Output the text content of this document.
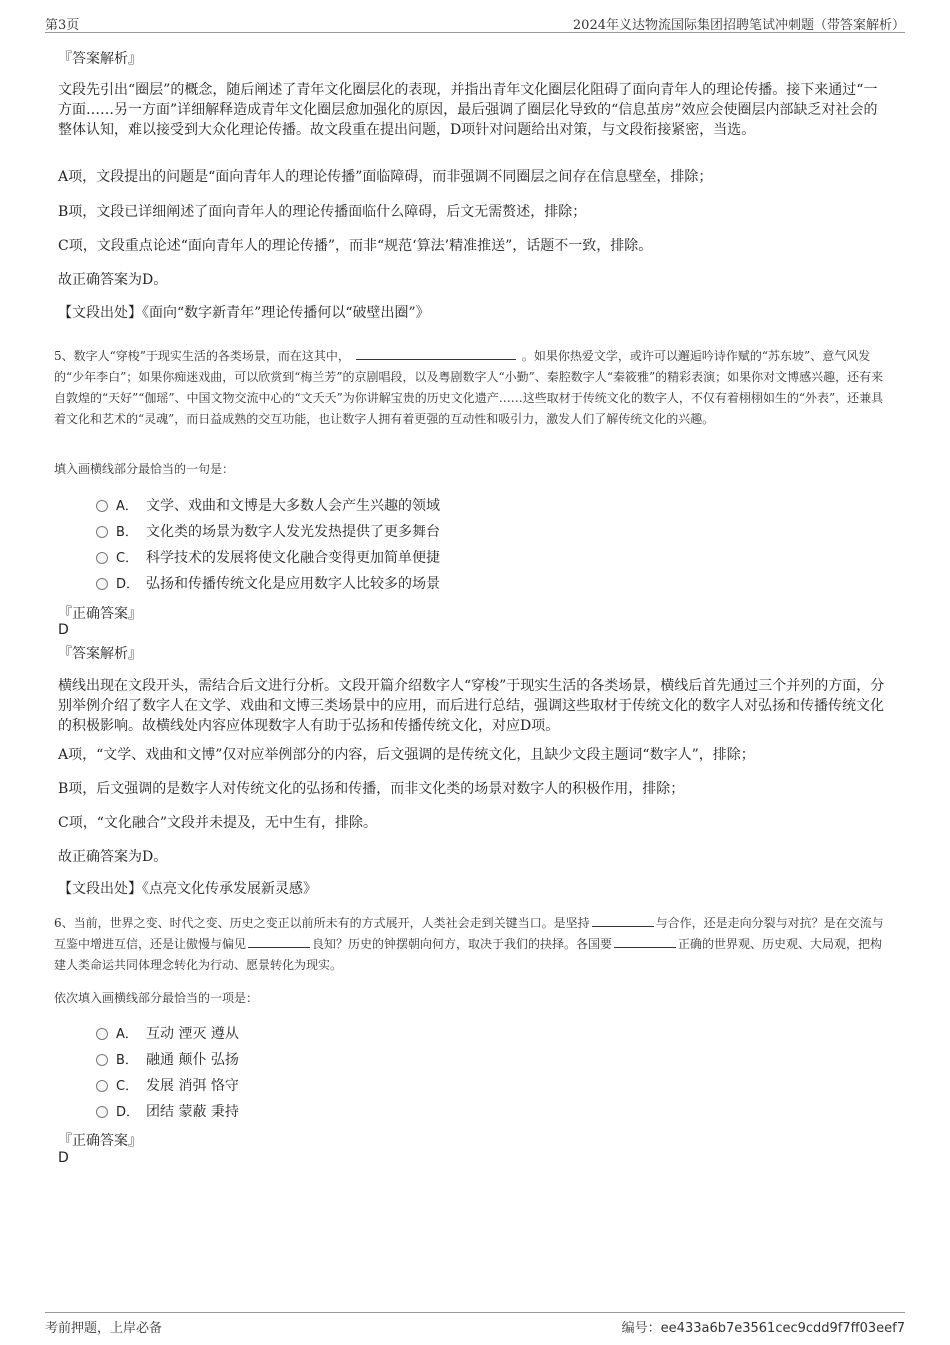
第3页	2024年义达物流国际集团招聘笔试冲刺题（带答案解析）
『答案解析』
文段先引出“圈层”的概念，随后阐述了青年文化圈层化的表现，并指出青年文化圈层化阻碍了面向青年人的理论传播。接下来通过“一方面……另一方面”详细解释造成青年文化圈层愈加强化的原因，最后强调了圈层化导致的“信息茧房”效应会使圈层内部缺乏对社会的整体认知，难以接受到大众化理论传播。故文段重在提出问题，D项针对问题给出对策，与文段衔接紧密，当选。
A项，文段提出的问题是“面向青年人的理论传播”面临障碍，而非强调不同圈层之间存在信息壁垒，排除；
B项，文段已详细阐述了面向青年人的理论传播面临什么障碍，后文无需赘述，排除；
C项，文段重点论述“面向青年人的理论传播”，而非“规范‘算法’精准推送”，话题不一致，排除。
故正确答案为D。
【文段出处】《面向“数字新青年”理论传播何以“破壁出圈”》
5、数字人“穿梭”于现实生活的各类场景，而在这其中，	。如果你热爱文学，或许可以邂逅吟诗作赋的“苏东坡”、意气风发的“少年李白”；如果你痴迷戏曲，可以欣赏到“梅兰芳”的京剧唱段，以及粤剧数字人“小勤”、秦腔数字人“秦筱雅”的精彩表演；如果你对文博感兴趣，还有来自敦煌的“天好”“伽瑶”、中国文物交流中心的“文夭夭”为你讲解宝贵的历史文化遗产……这些取材于传统文化的数字人，不仅有着栩栩如生的“外表”，还兼具着文化和艺术的“灵魂”，而日益成熟的交互功能，也让数字人拥有着更强的互动性和吸引力，激发人们了解传统文化的兴趣。
填入画横线部分最恰当的一句是：
A． 文学、戏曲和文博是大多数人会产生兴趣的领域
B． 文化类的场景为数字人发光发热提供了更多舞台
C． 科学技术的发展将使文化融合变得更加简单便捷
D． 弘扬和传播传统文化是应用数字人比较多的场景
『正确答案』
D
『答案解析』
横线出现在文段开头，需结合后文进行分析。文段开篇介绍数字人“穿梭”于现实生活的各类场景，横线后首先通过三个并列的方面，分别举例介绍了数字人在文学、戏曲和文博三类场景中的应用，而后进行总结，强调这些取材于传统文化的数字人对弘扬和传播传统文化的积极影响。故横线处内容应体现数字人有助于弘扬和传播传统文化，对应D项。
A项，“文学、戏曲和文博”仅对应举例部分的内容，后文强调的是传统文化，且缺少文段主题词“数字人”，排除；
B项，后文强调的是数字人对传统文化的弘扬和传播，而非文化类的场景对数字人的积极作用，排除；
C项，“文化融合”文段并未提及，无中生有，排除。
故正确答案为D。
【文段出处】《点亮文化传承发展新灵感》
6、当前，世界之变、时代之变、历史之变正以前所未有的方式展开，人类社会走到关键当口。是坚持	与合作，还是走向分裂与对抗？是在交流与互鉴中增进互信，还是让傲慢与偏见	良知？历史的钟摆朝向何方，取决于我们的抉择。各国要	正确的世界观、历史观、大局观，把构建人类命运共同体理念转化为行动、愿景转化为现实。
依次填入画横线部分最恰当的一项是：
A． 互动 湮灭 遵从
B． 融通 颠仆 弘扬
C． 发展 消弭 恪守
D． 团结 蒙蔽 秉持
『正确答案』
D
考前押题，上岸必备	编号：ee433a6b7e3561cec9cdd9f7ff03eef7
